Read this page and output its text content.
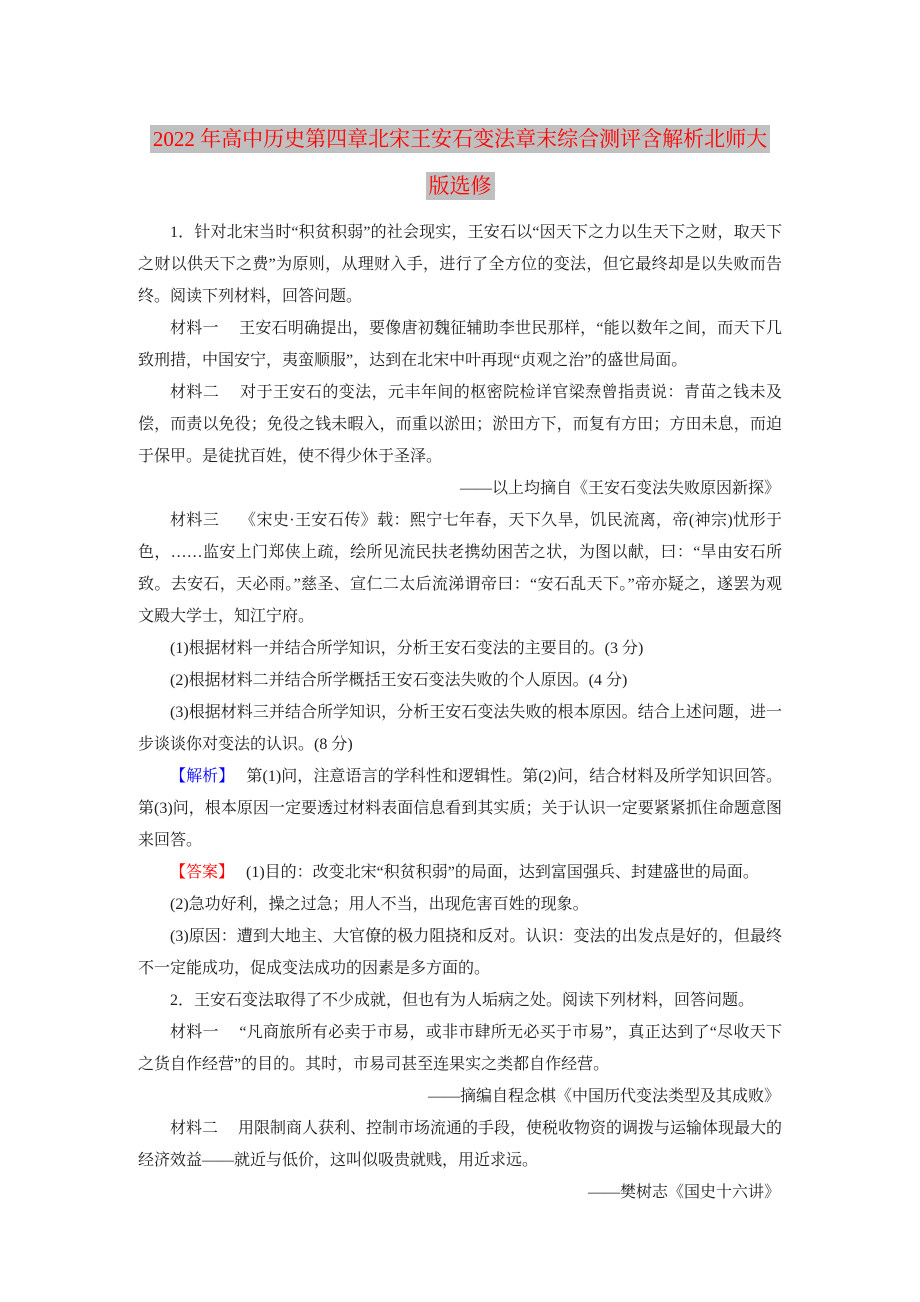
2022 年高中历史第四章北宋王安石变法章末综合测评含解析北师大
版选修

1．针对北宋当时“积贫积弱”的社会现实，王安石以“因天下之力以生天下之财，取天下之财以供天下之费”为原则，从理财入手，进行了全方位的变法，但它最终却是以失败而告终。阅读下列材料，回答问题。

材料一　 王安石明确提出，要像唐初魏征辅助李世民那样，“能以数年之间，而天下几致刑措，中国安宁，夷蛮顺服”，达到在北宋中叶再现“贞观之治”的盛世局面。

材料二　 对于王安石的变法，元丰年间的枢密院检详官梁焘曾指责说：青苗之钱未及偿，而责以免役；免役之钱未暇入，而重以淤田；淤田方下，而复有方田；方田未息，而迫于保甲。是徒扰百姓，使不得少休于圣泽。

——以上均摘自《王安石变法失败原因新探》

材料三　 《宋史·王安石传》载：熙宁七年春，天下久旱，饥民流离，帝(神宗)忧形于色，……监安上门郑侠上疏，绘所见流民扶老携幼困苦之状，为图以献，曰：“旱由安石所致。去安石，天必雨。”慈圣、宣仁二太后流涕谓帝曰：“安石乱天下。”帝亦疑之，遂罢为观文殿大学士，知江宁府。

(1)根据材料一并结合所学知识，分析王安石变法的主要目的。(3 分)

(2)根据材料二并结合所学概括王安石变法失败的个人原因。(4 分)

(3)根据材料三并结合所学知识，分析王安石变法失败的根本原因。结合上述问题，进一步谈谈你对变法的认识。(8 分)

【解析】　 第(1)问，注意语言的学科性和逻辑性。第(2)问，结合材料及所学知识回答。第(3)问，根本原因一定要透过材料表面信息看到其实质；关于认识一定要紧紧抓住命题意图来回答。

【答案】　 (1)目的：改变北宋“积贫积弱”的局面，达到富国强兵、封建盛世的局面。

(2)急功好利，操之过急；用人不当，出现危害百姓的现象。

(3)原因：遭到大地主、大官僚的极力阻挠和反对。认识：变法的出发点是好的，但最终不一定能成功，促成变法成功的因素是多方面的。

2．王安石变法取得了不少成就，但也有为人垢病之处。阅读下列材料，回答问题。

材料一　 “凡商旅所有必卖于市易，或非市肆所无必买于市易”，真正达到了“尽收天下之货自作经营”的目的。其时，市易司甚至连果实之类都自作经营。

——摘编自程念棋《中国历代变法类型及其成败》

材料二　 用限制商人获利、控制市场流通的手段，使税收物资的调拨与运输体现最大的经济效益——就近与低价，这叫似吸贵就贱，用近求远。

——樊树志《国史十六讲》
